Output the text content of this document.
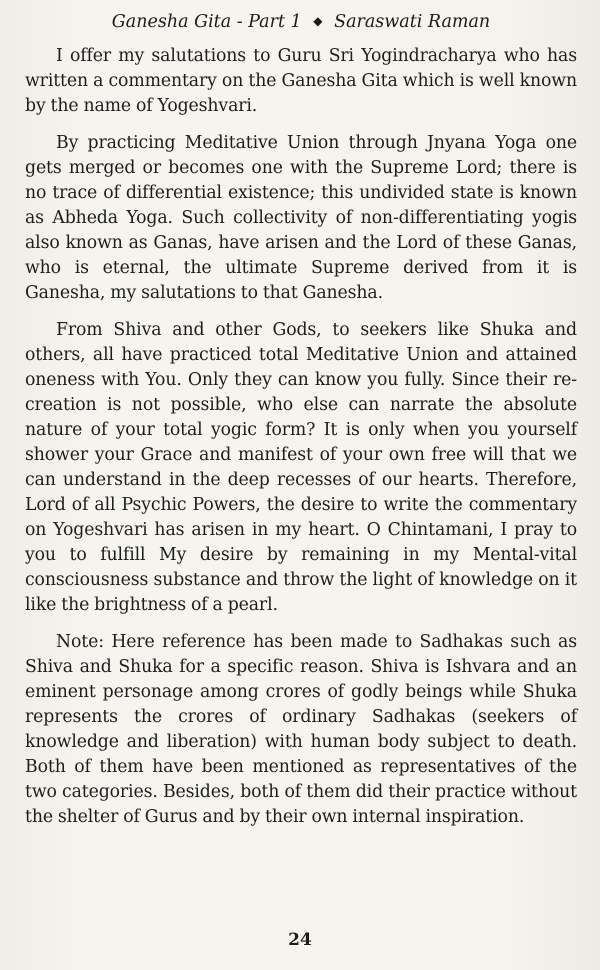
Ganesha Gita - Part 1 ◆ Saraswati Raman

I offer my salutations to Guru Sri Yogindracharya who has written a commentary on the Ganesha Gita which is well known by the name of Yogeshvari.

By practicing Meditative Union through Jnyana Yoga one gets merged or becomes one with the Supreme Lord; there is no trace of differential existence; this undivided state is known as Abheda Yoga. Such collectivity of non-differentiating yogis also known as Ganas, have arisen and the Lord of these Ganas, who is eternal, the ultimate Supreme derived from it is Ganesha, my salutations to that Ganesha.

From Shiva and other Gods, to seekers like Shuka and others, all have practiced total Meditative Union and attained oneness with You. Only they can know you fully. Since their re-creation is not possible, who else can narrate the absolute nature of your total yogic form? It is only when you yourself shower your Grace and manifest of your own free will that we can understand in the deep recesses of our hearts. Therefore, Lord of all Psychic Powers, the desire to write the commentary on Yogeshvari has arisen in my heart. O Chintamani, I pray to you to fulfill My desire by remaining in my Mental-vital consciousness substance and throw the light of knowledge on it like the brightness of a pearl.

Note: Here reference has been made to Sadhakas such as Shiva and Shuka for a specific reason. Shiva is Ishvara and an eminent personage among crores of godly beings while Shuka represents the crores of ordinary Sadhakas (seekers of knowledge and liberation) with human body subject to death. Both of them have been mentioned as representatives of the two categories. Besides, both of them did their practice without the shelter of Gurus and by their own internal inspiration.

24
